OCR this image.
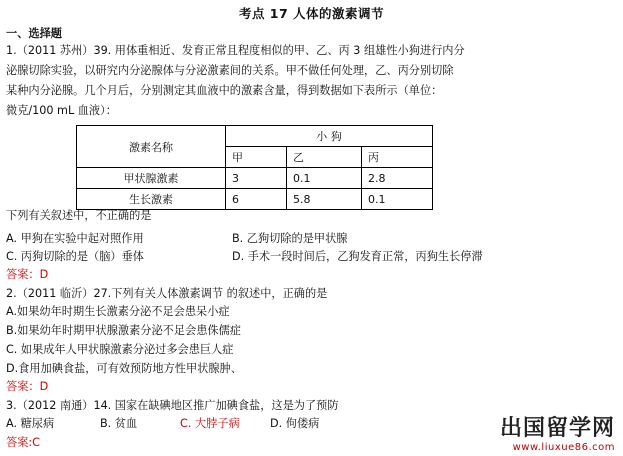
考点 17 人体的激素调节
一、选择题
1.（2011 苏州）39. 用体重相近、发育正常且程度相似的甲、乙、丙 3 组雄性小狗进行内分
泌腺切除实验，以研究内分泌腺体与分泌激素间的关系。甲不做任何处理，乙、丙分别切除
某种内分泌腺。几个月后，分别测定其血液中的激素含量，得到数据如下表所示（单位：
微克/100 mL 血液）：
激素名称	小 狗		
	甲	乙	丙
甲状腺激素	3	0.1	2.8
生长激素	6	5.8	0.1
下列有关叙述中，不正确的是
A. 甲狗在实验中起对照作用	B. 乙狗切除的是甲状腺
C. 丙狗切除的是（脑）垂体	D. 手术一段时间后，乙狗发育正常，丙狗生长停滞
答案：D
2.（2011 临沂）27.下列有关人体激素调节 的叙述中，正确的是
A.如果幼年时期生长激素分泌不足会患呆小症
B.如果幼年时期甲状腺激素分泌不足会患侏儒症
C. 如果成年人甲状腺激素分泌过多会患巨人症
D.食用加碘食盐，可有效预防地方性甲状腺肿、
答案：D
3.（2012 南通）14. 国家在缺碘地区推广加碘食盐，这是为了预防
A. 糖尿病	B. 贫血	C. 大脖子病	D. 佝偻病
答案:C
出国留学网
www.liuxue86.com
